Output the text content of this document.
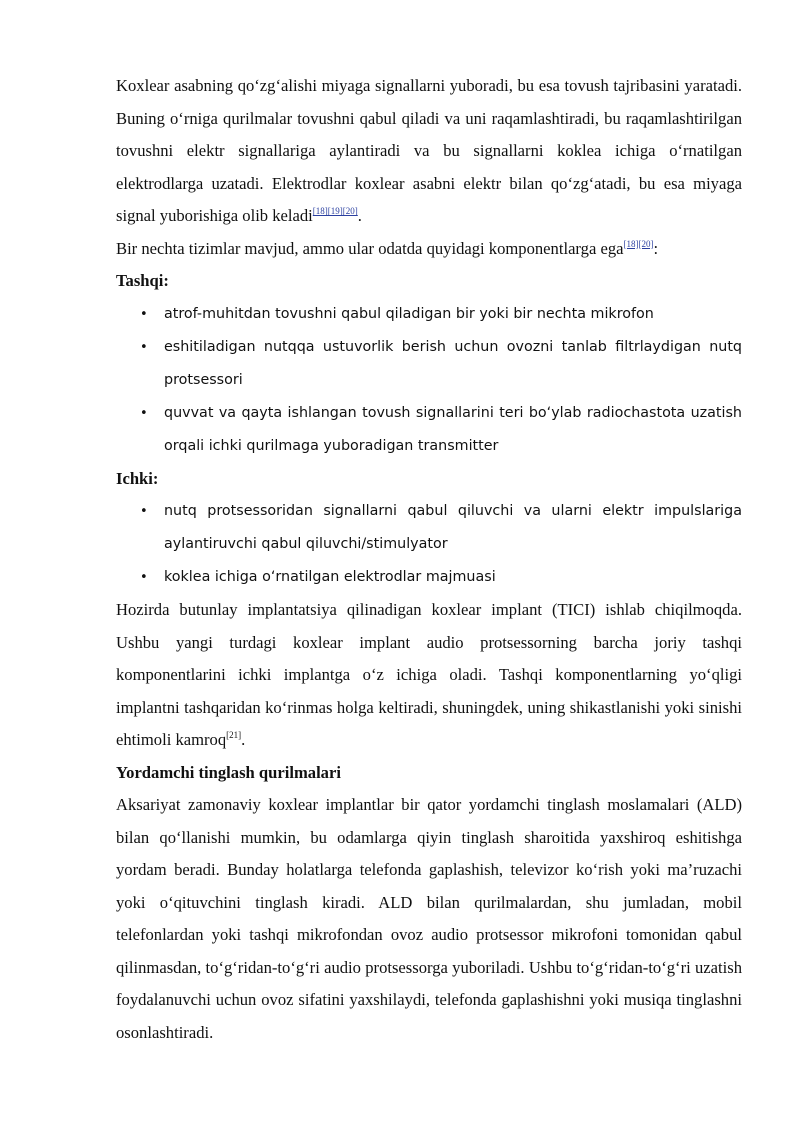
Koxlear asabning qo‘zg‘alishi miyaga signallarni yuboradi, bu esa tovush tajribasini yaratadi. Buning o‘rniga qurilmalar tovushni qabul qiladi va uni raqamlashtiradi, bu raqamlashtirilgan tovushni elektr signallariga aylantiradi va bu signallarni koklea ichiga o‘rnatilgan elektrodlarga uzatadi. Elektrodlar koxlear asabni elektr bilan qo‘zg‘atadi, bu esa miyaga signal yuborishiga olib keladi[18][19][20].

Bir nechta tizimlar mavjud, ammo ular odatda quyidagi komponentlarga ega[18][20]:

Tashqi:
• atrof-muhitdan tovushni qabul qiladigan bir yoki bir nechta mikrofon
• eshitiladigan nutqqa ustuvorlik berish uchun ovozni tanlab filtrlaydigan nutq protsessori
• quvvat va qayta ishlangan tovush signallarini teri bo‘ylab radiochastota uzatish orqali ichki qurilmaga yuboradigan transmitter
Ichki:
• nutq protsessoridan signallarni qabul qiluvchi va ularni elektr impulslariga aylantiruvchi qabul qiluvchi/stimulyator
• koklea ichiga o‘rnatilgan elektrodlar majmuasi

Hozirda butunlay implantatsiya qilinadigan koxlear implant (TICI) ishlab chiqilmoqda. Ushbu yangi turdagi koxlear implant audio protsessorning barcha joriy tashqi komponentlarini ichki implantga o‘z ichiga oladi. Tashqi komponentlarning yo‘qligi implantni tashqaridan ko‘rinmas holga keltiradi, shuningdek, uning shikastlanishi yoki sinishi ehtimoli kamroq[21].

Yordamchi tinglash qurilmalari

Aksariyat zamonaviy koxlear implantlar bir qator yordamchi tinglash moslamalari (ALD) bilan qo‘llanishi mumkin, bu odamlarga qiyin tinglash sharoitida yaxshiroq eshitishga yordam beradi. Bunday holatlarga telefonda gaplashish, televizor ko‘rish yoki ma’ruzachi yoki o‘qituvchini tinglash kiradi. ALD bilan qurilmalardan, shu jumladan, mobil telefonlardan yoki tashqi mikrofondan ovoz audio protsessor mikrofoni tomonidan qabul qilinmasdan, to‘g‘ridan-to‘g‘ri audio protsessorga yuboriladi. Ushbu to‘g‘ridan-to‘g‘ri uzatish foydalanuvchi uchun ovoz sifatini yaxshilaydi, telefonda gaplashishni yoki musiqa tinglashni osonlashtiradi.
